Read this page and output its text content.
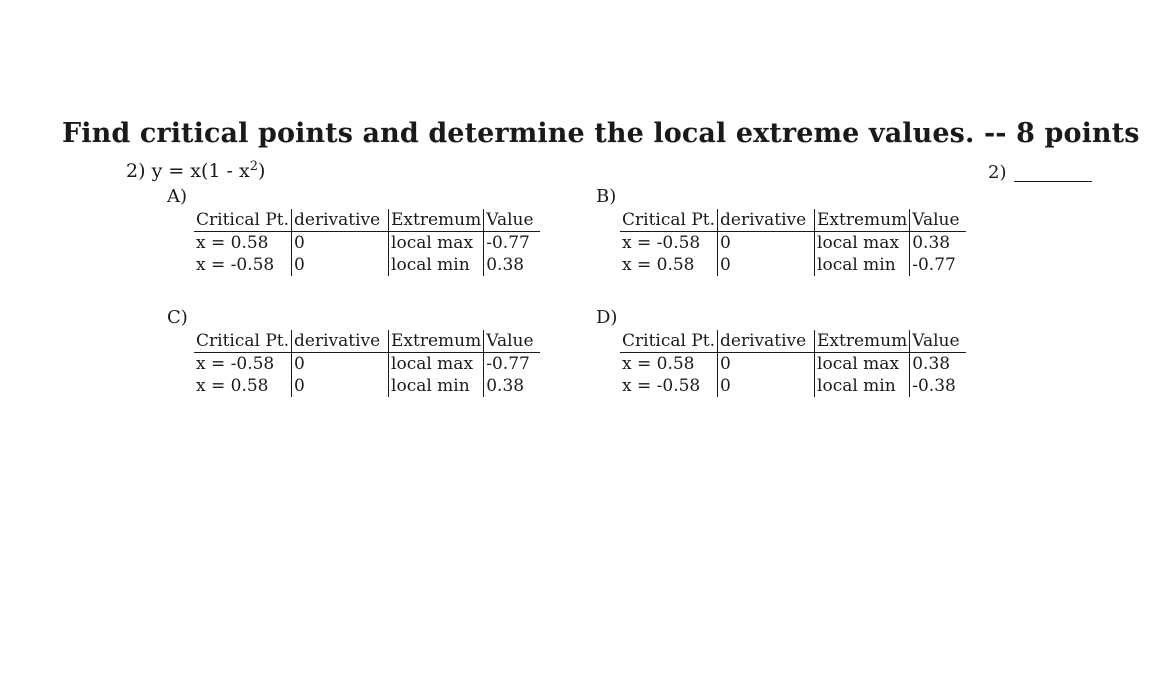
Find critical points and determine the local extreme values. -- 8 points
2) $y = x(1 - x^2)$	2)
A)
Critical Pt.	derivative	Extremum	Value
x = 0.58	0	local max	-0.77
x = -0.58	0	local min	0.38
B)
Critical Pt.	derivative	Extremum	Value
x = -0.58	0	local max	0.38
x = 0.58	0	local min	-0.77
C)
Critical Pt.	derivative	Extremum	Value
x = -0.58	0	local max	-0.77
x = 0.58	0	local min	0.38
D)
Critical Pt.	derivative	Extremum	Value
x = 0.58	0	local max	0.38
x = -0.58	0	local min	-0.38
